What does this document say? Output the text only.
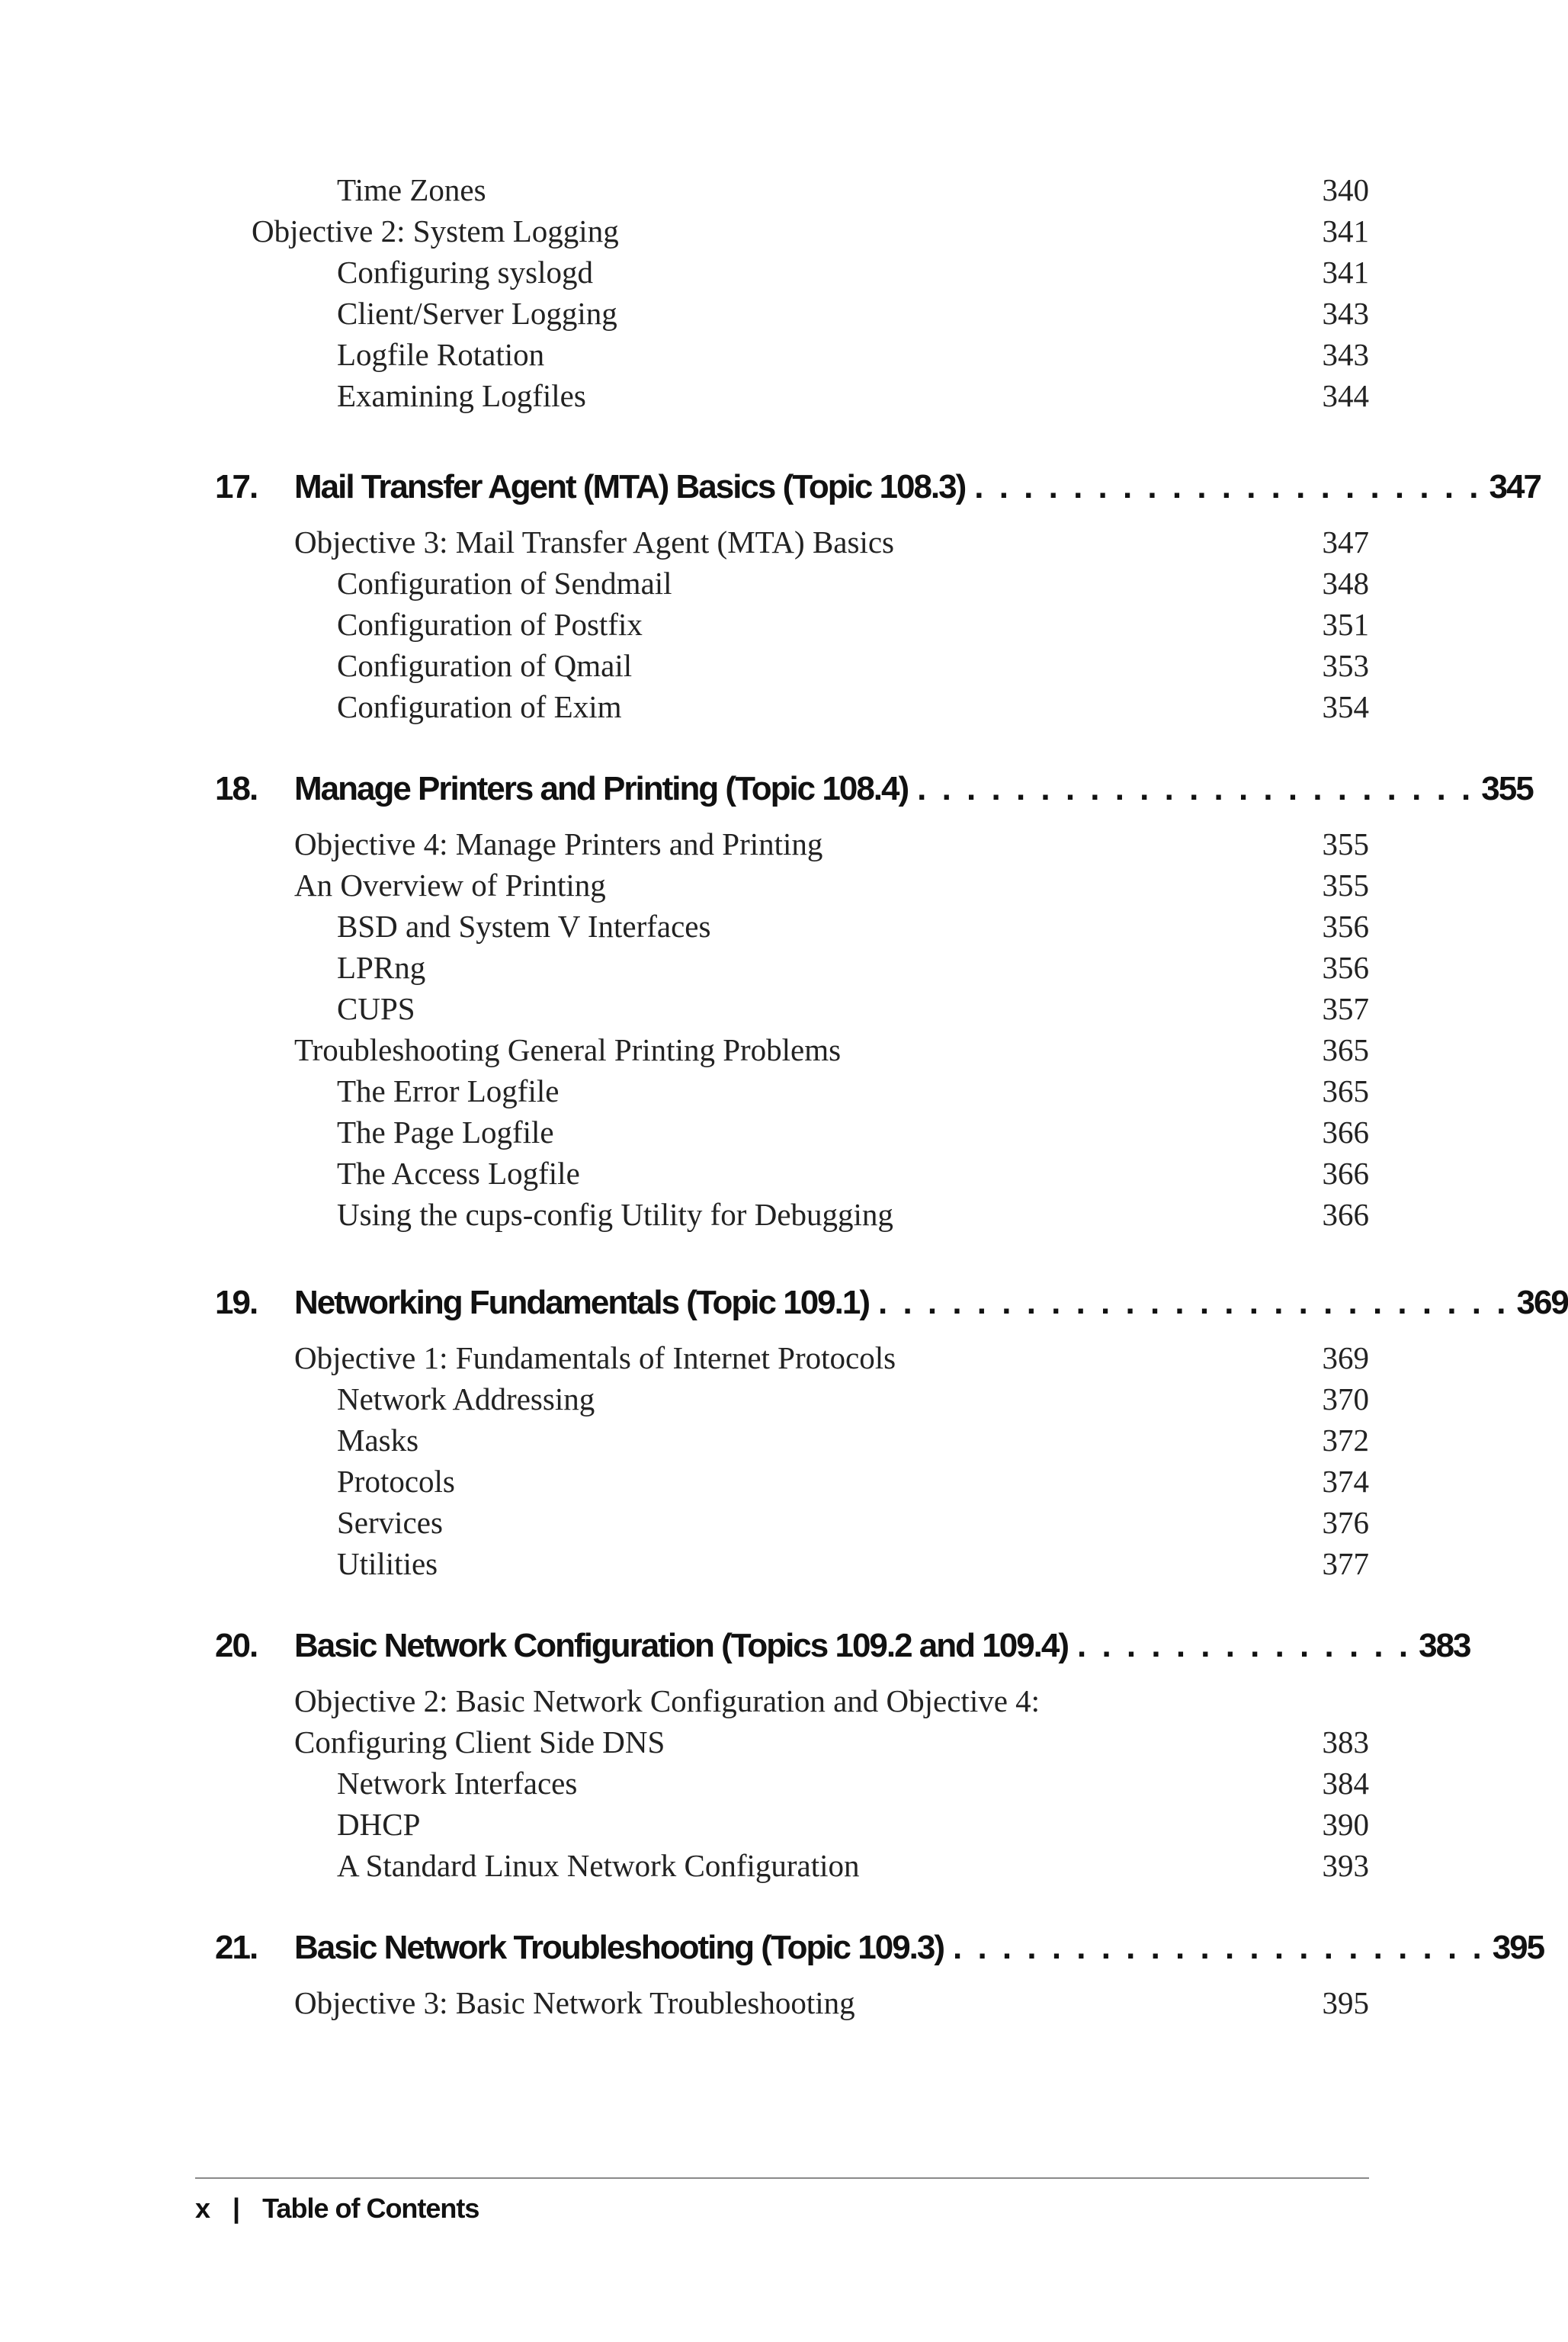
Time Zones	340
Objective 2: System Logging	341
Configuring syslogd	341
Client/Server Logging	343
Logfile Rotation	343
Examining Logfiles	344
17.	Mail Transfer Agent (MTA) Basics (Topic 108.3) . . . . . . . . . . . . . . . . . . . . . 347
Objective 3: Mail Transfer Agent (MTA) Basics	347
Configuration of Sendmail	348
Configuration of Postfix	351
Configuration of Qmail	353
Configuration of Exim	354
18.	Manage Printers and Printing (Topic 108.4) . . . . . . . . . . . . . . . . . . . . . . . 355
Objective 4: Manage Printers and Printing	355
An Overview of Printing	355
BSD and System V Interfaces	356
LPRng	356
CUPS	357
Troubleshooting General Printing Problems	365
The Error Logfile	365
The Page Logfile	366
The Access Logfile	366
Using the cups-config Utility for Debugging	366
19.	Networking Fundamentals (Topic 109.1) . . . . . . . . . . . . . . . . . . . . . . . . . . 369
Objective 1: Fundamentals of Internet Protocols	369
Network Addressing	370
Masks	372
Protocols	374
Services	376
Utilities	377
20.	Basic Network Configuration (Topics 109.2 and 109.4) . . . . . . . . . . . . . . 383
Objective 2: Basic Network Configuration and Objective 4:
Configuring Client Side DNS	383
Network Interfaces	384
DHCP	390
A Standard Linux Network Configuration	393
21.	Basic Network Troubleshooting (Topic 109.3) . . . . . . . . . . . . . . . . . . . . . . 395
Objective 3: Basic Network Troubleshooting	395
x | Table of Contents
